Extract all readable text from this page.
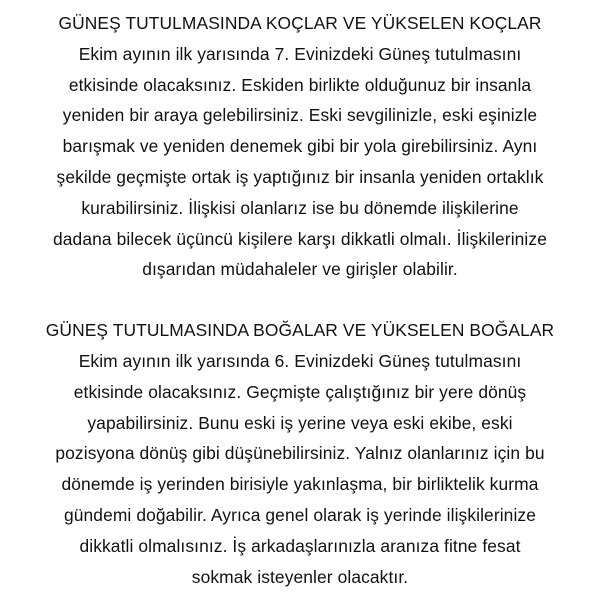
GÜNEŞ TUTULMASINDA KOÇLAR VE YÜKSELEN KOÇLAR

Ekim ayının ilk yarısında 7. Evinizdeki Güneş tutulmasını
etkisinde olacaksınız. Eskiden birlikte olduğunuz bir insanla
yeniden bir araya gelebilirsiniz. Eski sevgilinizle, eski eşinizle
barışmak ve yeniden denemek gibi bir yola girebilirsiniz. Aynı
şekilde geçmişte ortak iş yaptığınız bir insanla yeniden ortaklık
kurabilirsiniz. İlişkisi olanlarız ise bu dönemde ilişkilerine
dadana bilecek üçüncü kişilere karşı dikkatli olmalı. İlişkilerinize
dışarıdan müdahaleler ve girişler olabilir.

GÜNEŞ TUTULMASINDA BOĞALAR VE YÜKSELEN BOĞALAR

Ekim ayının ilk yarısında 6. Evinizdeki Güneş tutulmasını
etkisinde olacaksınız. Geçmişte çalıştığınız bir yere dönüş
yapabilirsiniz. Bunu eski iş yerine veya eski ekibe, eski
pozisyona dönüş gibi düşünebilirsiniz. Yalnız olanlarınız için bu
dönemde iş yerinden birisiyle yakınlaşma, bir birliktelik kurma
gündemi doğabilir. Ayrıca genel olarak iş yerinde ilişkilerinize
dikkatli olmalısınız. İş arkadaşlarınızla aranıza fitne fesat
sokmak isteyenler olacaktır.
